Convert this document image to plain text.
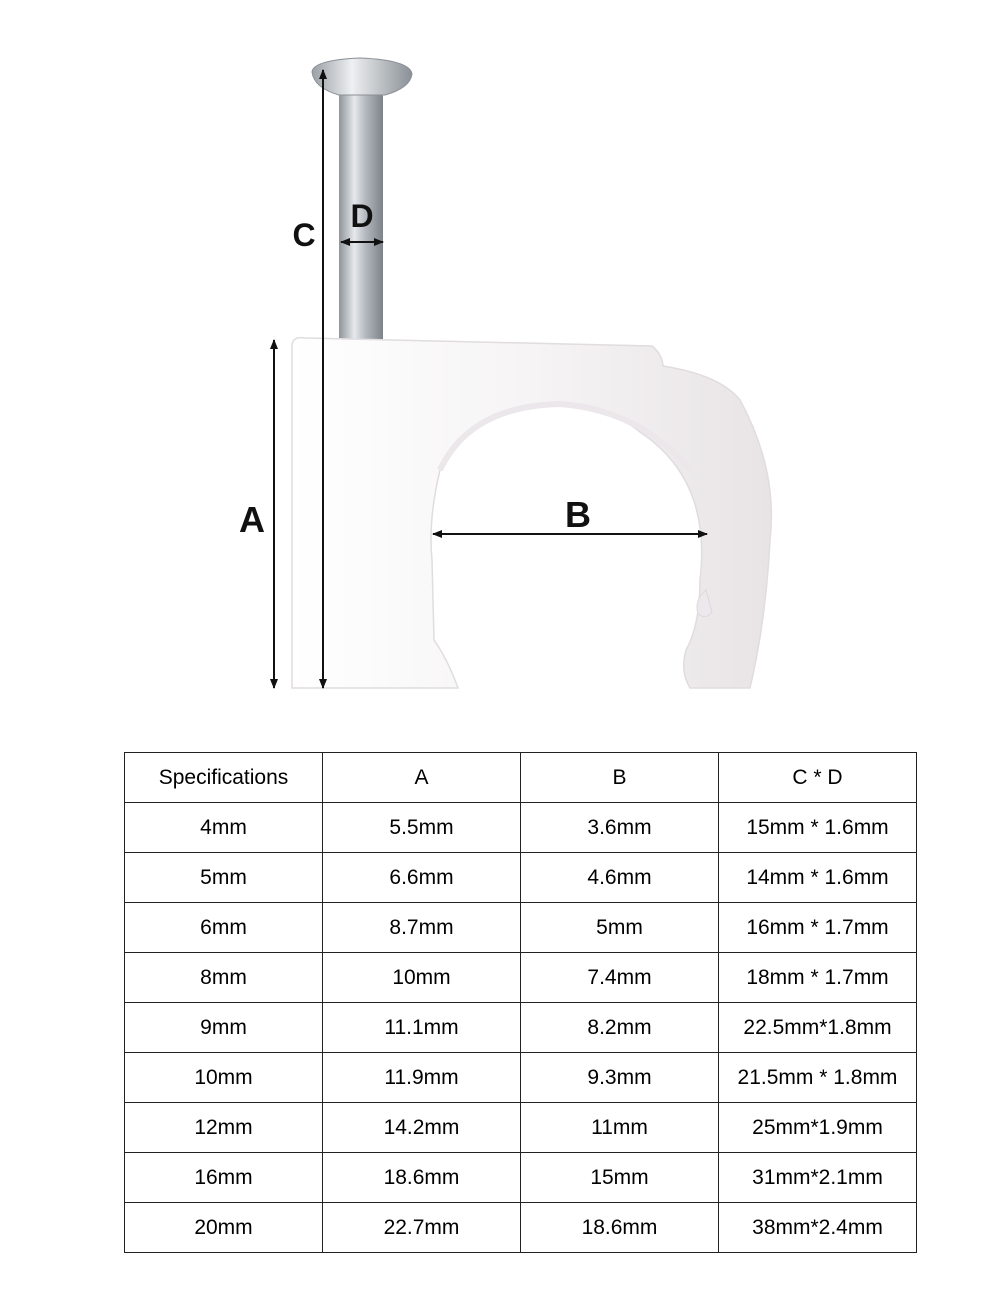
C
D
A	B
Specifications	A	B	C * D
4mm	5.5mm	3.6mm	15mm * 1.6mm
5mm	6.6mm	4.6mm	14mm * 1.6mm
6mm	8.7mm	5mm	16mm * 1.7mm
8mm	10mm	7.4mm	18mm * 1.7mm
9mm	11.1mm	8.2mm	22.5mm*1.8mm
10mm	11.9mm	9.3mm	21.5mm * 1.8mm
12mm	14.2mm	11mm	25mm*1.9mm
16mm	18.6mm	15mm	31mm*2.1mm
20mm	22.7mm	18.6mm	38mm*2.4mm
